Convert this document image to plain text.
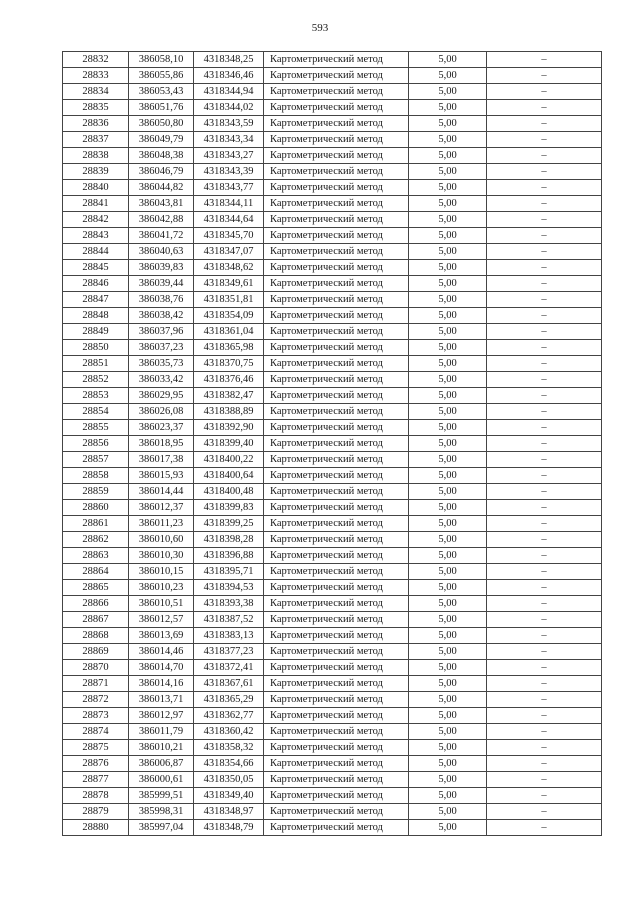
593
28832	386058,10	4318348,25	Картометрический метод	5,00	–
28833	386055,86	4318346,46	Картометрический метод	5,00	–
28834	386053,43	4318344,94	Картометрический метод	5,00	–
28835	386051,76	4318344,02	Картометрический метод	5,00	–
28836	386050,80	4318343,59	Картометрический метод	5,00	–
28837	386049,79	4318343,34	Картометрический метод	5,00	–
28838	386048,38	4318343,27	Картометрический метод	5,00	–
28839	386046,79	4318343,39	Картометрический метод	5,00	–
28840	386044,82	4318343,77	Картометрический метод	5,00	–
28841	386043,81	4318344,11	Картометрический метод	5,00	–
28842	386042,88	4318344,64	Картометрический метод	5,00	–
28843	386041,72	4318345,70	Картометрический метод	5,00	–
28844	386040,63	4318347,07	Картометрический метод	5,00	–
28845	386039,83	4318348,62	Картометрический метод	5,00	–
28846	386039,44	4318349,61	Картометрический метод	5,00	–
28847	386038,76	4318351,81	Картометрический метод	5,00	–
28848	386038,42	4318354,09	Картометрический метод	5,00	–
28849	386037,96	4318361,04	Картометрический метод	5,00	–
28850	386037,23	4318365,98	Картометрический метод	5,00	–
28851	386035,73	4318370,75	Картометрический метод	5,00	–
28852	386033,42	4318376,46	Картометрический метод	5,00	–
28853	386029,95	4318382,47	Картометрический метод	5,00	–
28854	386026,08	4318388,89	Картометрический метод	5,00	–
28855	386023,37	4318392,90	Картометрический метод	5,00	–
28856	386018,95	4318399,40	Картометрический метод	5,00	–
28857	386017,38	4318400,22	Картометрический метод	5,00	–
28858	386015,93	4318400,64	Картометрический метод	5,00	–
28859	386014,44	4318400,48	Картометрический метод	5,00	–
28860	386012,37	4318399,83	Картометрический метод	5,00	–
28861	386011,23	4318399,25	Картометрический метод	5,00	–
28862	386010,60	4318398,28	Картометрический метод	5,00	–
28863	386010,30	4318396,88	Картометрический метод	5,00	–
28864	386010,15	4318395,71	Картометрический метод	5,00	–
28865	386010,23	4318394,53	Картометрический метод	5,00	–
28866	386010,51	4318393,38	Картометрический метод	5,00	–
28867	386012,57	4318387,52	Картометрический метод	5,00	–
28868	386013,69	4318383,13	Картометрический метод	5,00	–
28869	386014,46	4318377,23	Картометрический метод	5,00	–
28870	386014,70	4318372,41	Картометрический метод	5,00	–
28871	386014,16	4318367,61	Картометрический метод	5,00	–
28872	386013,71	4318365,29	Картометрический метод	5,00	–
28873	386012,97	4318362,77	Картометрический метод	5,00	–
28874	386011,79	4318360,42	Картометрический метод	5,00	–
28875	386010,21	4318358,32	Картометрический метод	5,00	–
28876	386006,87	4318354,66	Картометрический метод	5,00	–
28877	386000,61	4318350,05	Картометрический метод	5,00	–
28878	385999,51	4318349,40	Картометрический метод	5,00	–
28879	385998,31	4318348,97	Картометрический метод	5,00	–
28880	385997,04	4318348,79	Картометрический метод	5,00	–
